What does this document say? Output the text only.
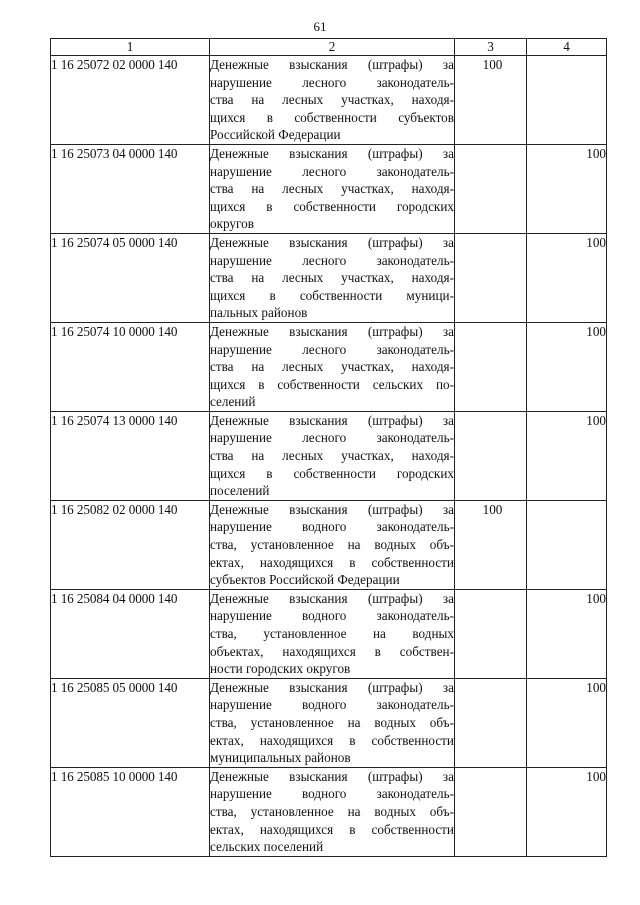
61
1	2	3	4
1 16 25072 02 0000 140	Денежные взыскания (штрафы) за
нарушение лесного законодатель-
ства на лесных участках, находя-
щихся в собственности субъектов
Российской Федерации	100	
1 16 25073 04 0000 140	Денежные взыскания (штрафы) за
нарушение лесного законодатель-
ства на лесных участках, находя-
щихся в собственности городских
округов		100
1 16 25074 05 0000 140	Денежные взыскания (штрафы) за
нарушение лесного законодатель-
ства на лесных участках, находя-
щихся в собственности муници-
пальных районов		100
1 16 25074 10 0000 140	Денежные взыскания (штрафы) за
нарушение лесного законодатель-
ства на лесных участках, находя-
щихся в собственности сельских по-
селений		100
1 16 25074 13 0000 140	Денежные взыскания (штрафы) за
нарушение лесного законодатель-
ства на лесных участках, находя-
щихся в собственности городских
поселений		100
1 16 25082 02 0000 140	Денежные взыскания (штрафы) за
нарушение водного законодатель-
ства, установленное на водных объ-
ектах, находящихся в собственности
субъектов Российской Федерации	100	
1 16 25084 04 0000 140	Денежные взыскания (штрафы) за
нарушение водного законодатель-
ства, установленное на водных
объектах, находящихся в собствен-
ности городских округов		100
1 16 25085 05 0000 140	Денежные взыскания (штрафы) за
нарушение водного законодатель-
ства, установленное на водных объ-
ектах, находящихся в собственности
муниципальных районов		100
1 16 25085 10 0000 140	Денежные взыскания (штрафы) за
нарушение водного законодатель-
ства, установленное на водных объ-
ектах, находящихся в собственности
сельских поселений		100
